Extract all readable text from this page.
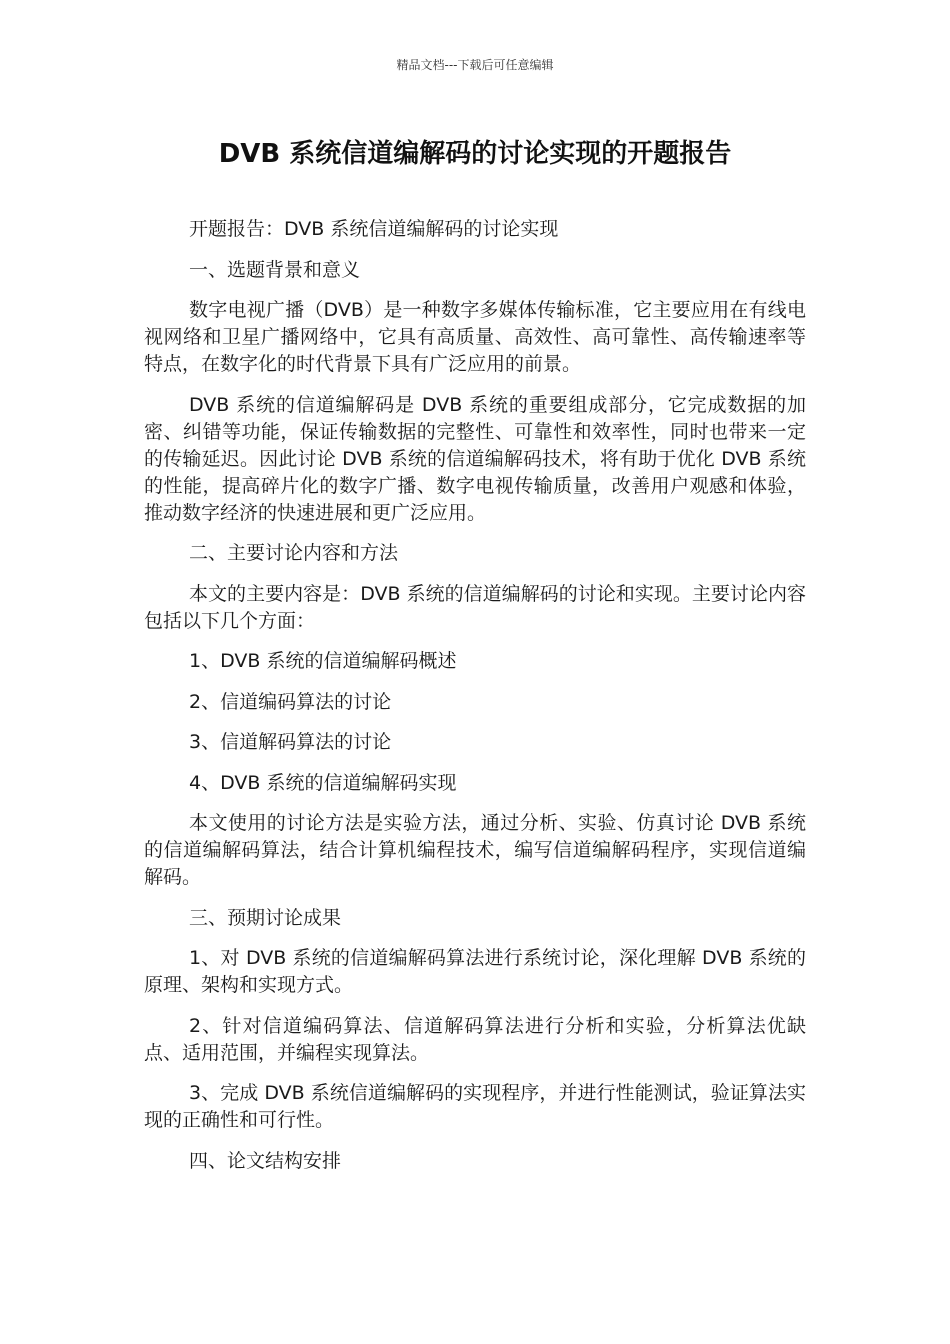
精品文档---下载后可任意编辑
DVB 系统信道编解码的讨论实现的开题报告

开题报告：DVB 系统信道编解码的讨论实现

一、选题背景和意义

数字电视广播（DVB）是一种数字多媒体传输标准，它主要应用在有线电视网络和卫星广播网络中，它具有高质量、高效性、高可靠性、高传输速率等特点，在数字化的时代背景下具有广泛应用的前景。

DVB 系统的信道编解码是 DVB 系统的重要组成部分，它完成数据的加密、纠错等功能，保证传输数据的完整性、可靠性和效率性，同时也带来一定的传输延迟。因此讨论 DVB 系统的信道编解码技术，将有助于优化 DVB 系统的性能，提高碎片化的数字广播、数字电视传输质量，改善用户观感和体验，推动数字经济的快速进展和更广泛应用。

二、主要讨论内容和方法

本文的主要内容是：DVB 系统的信道编解码的讨论和实现。主要讨论内容包括以下几个方面：

1、DVB 系统的信道编解码概述

2、信道编码算法的讨论

3、信道解码算法的讨论

4、DVB 系统的信道编解码实现

本文使用的讨论方法是实验方法，通过分析、实验、仿真讨论 DVB 系统的信道编解码算法，结合计算机编程技术，编写信道编解码程序，实现信道编解码。

三、预期讨论成果

1、对 DVB 系统的信道编解码算法进行系统讨论，深化理解 DVB 系统的原理、架构和实现方式。

2、针对信道编码算法、信道解码算法进行分析和实验，分析算法优缺点、适用范围，并编程实现算法。

3、完成 DVB 系统信道编解码的实现程序，并进行性能测试，验证算法实现的正确性和可行性。

四、论文结构安排
